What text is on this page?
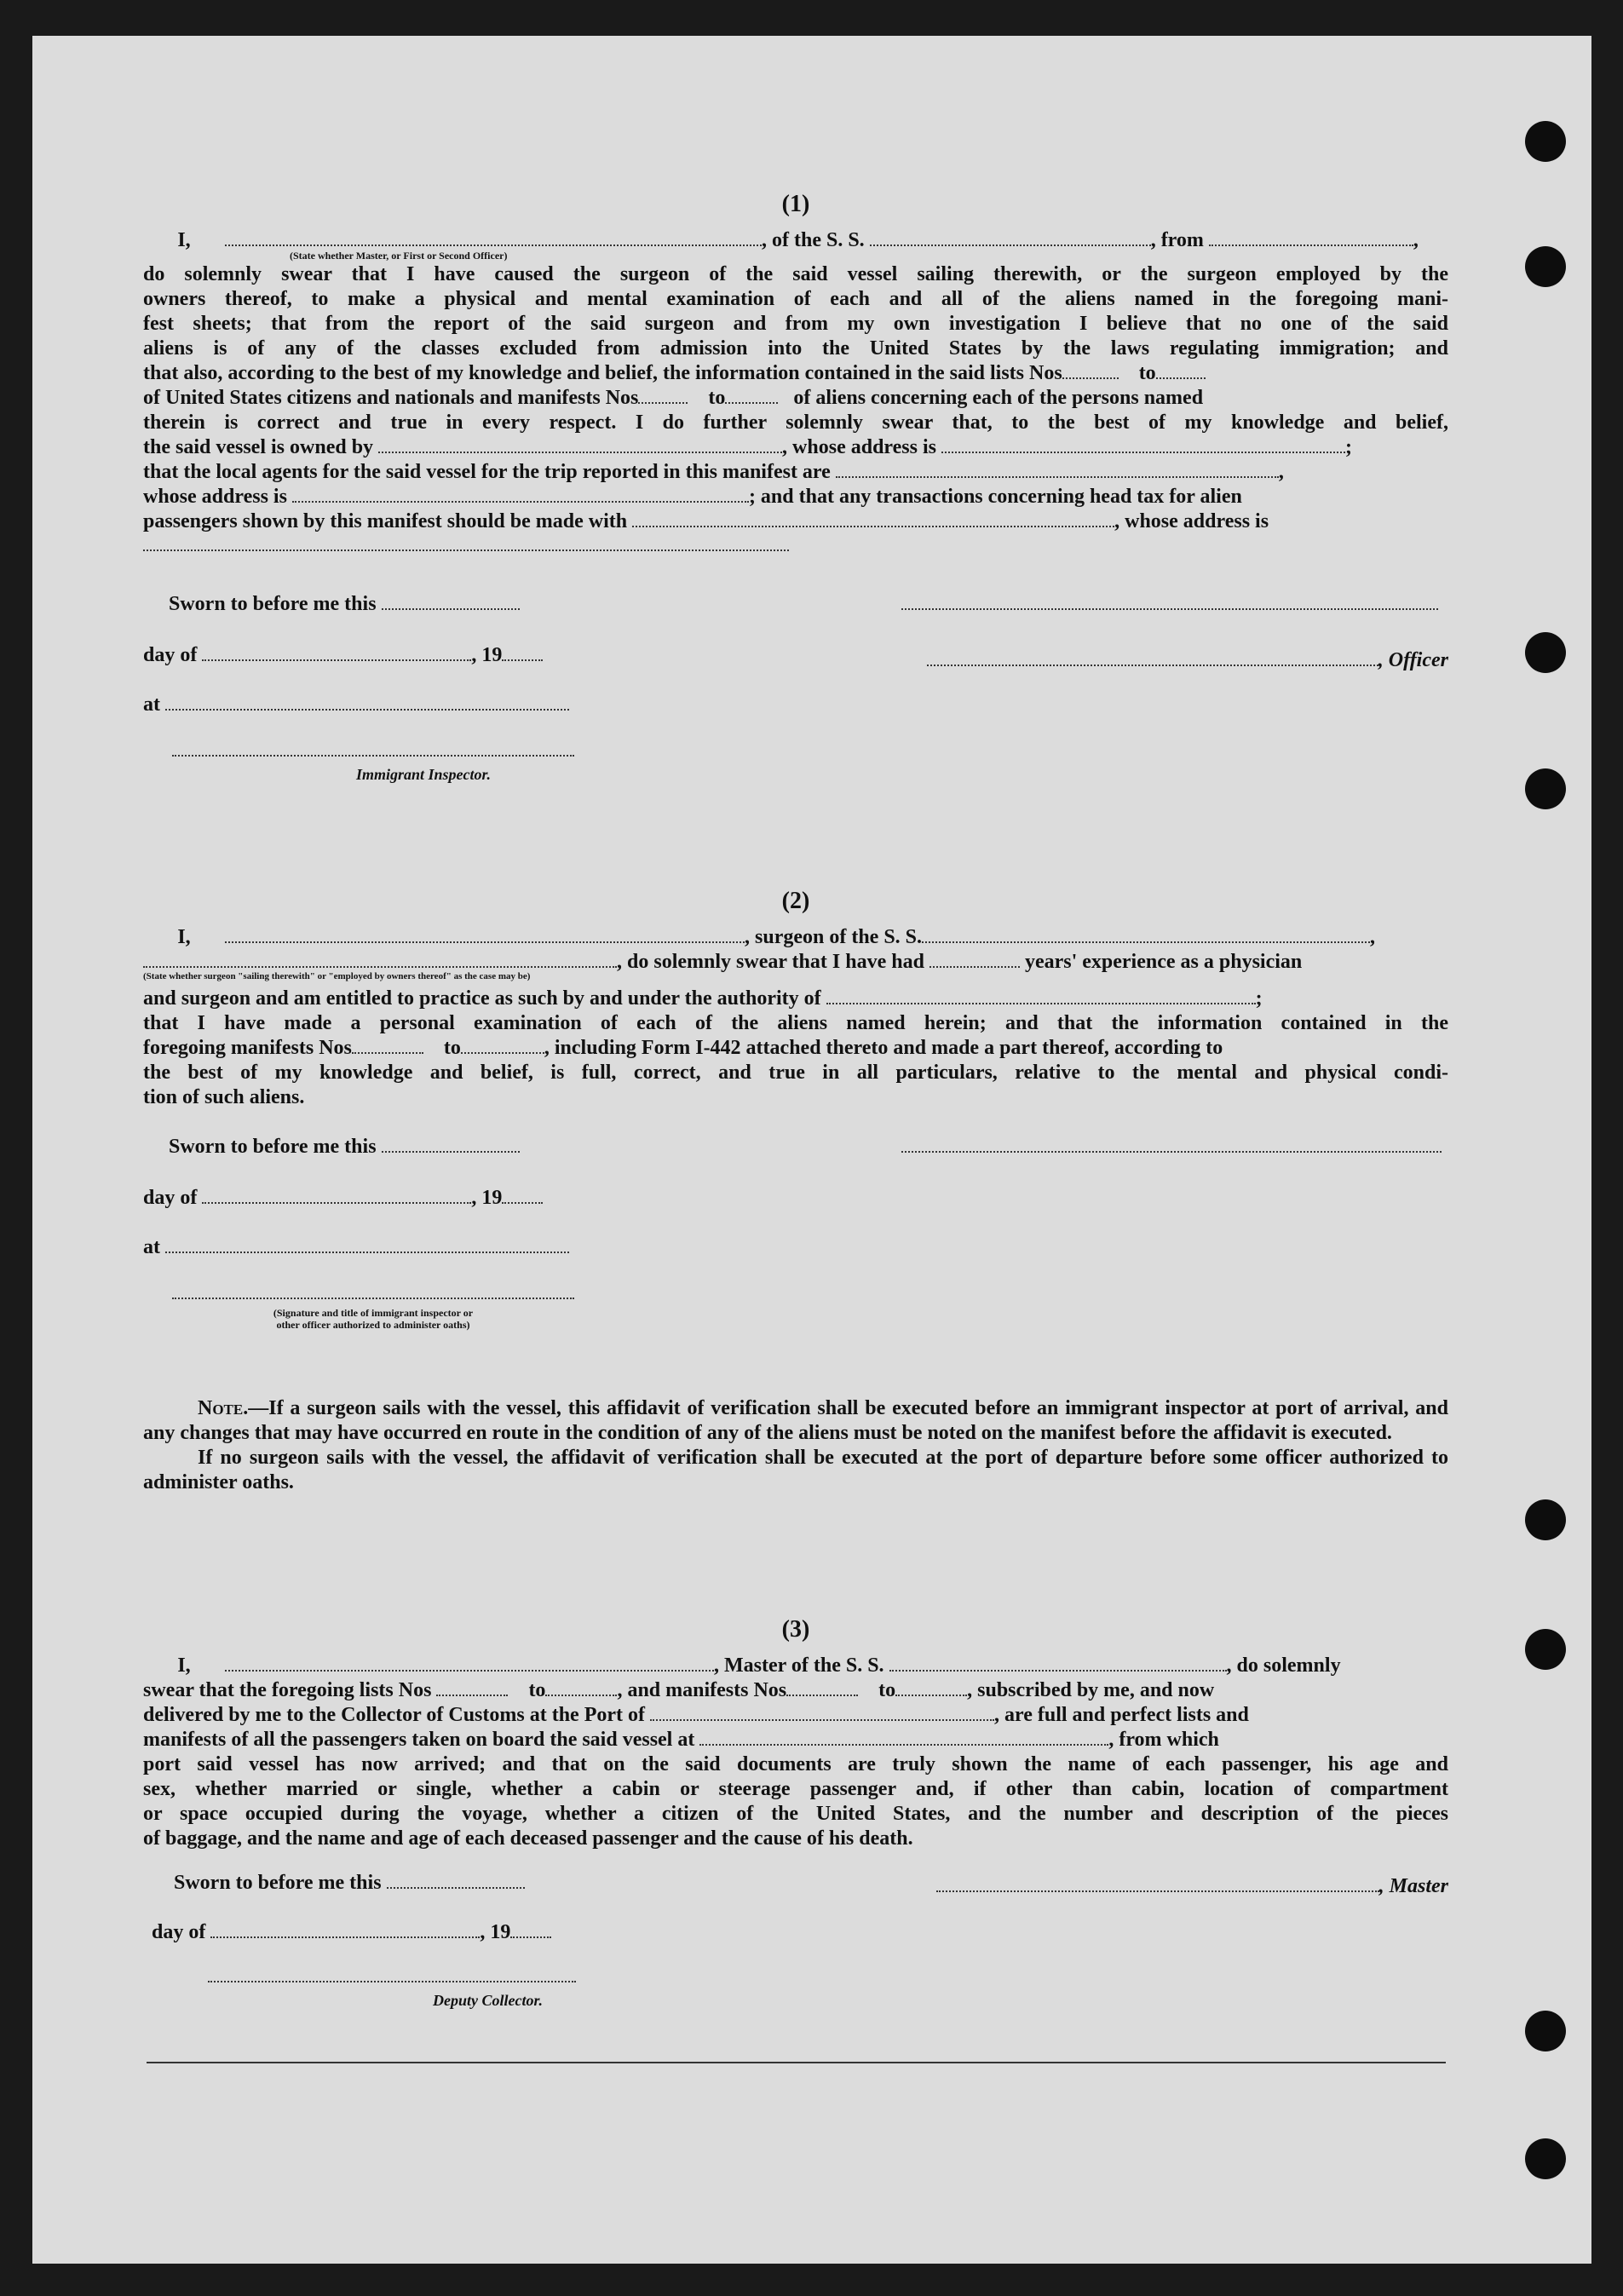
(1)
I,	, of the S. S.	, from	,
(State whether Master, or First or Second Officer)
do solemnly swear that I have caused the surgeon of the said vessel sailing therewith, or the surgeon employed by the
owners thereof, to make a physical and mental examination of each and all of the aliens named in the foregoing mani-
fest sheets; that from the report of the said surgeon and from my own investigation I believe that no one of the said
aliens is of any of the classes excluded from admission into the United States by the laws regulating immigration; and
that also, according to the best of my knowledge and belief, the information contained in the said lists Nos	to
of United States citizens and nationals and manifests Nos	to	of aliens concerning each of the persons named
therein is correct and true in every respect. I do further solemnly swear that, to the best of my knowledge and belief,
the said vessel is owned by	, whose address is	;
that the local agents for the said vessel for the trip reported in this manifest are	,
whose address is	; and that any transactions concerning head tax for alien
passengers shown by this manifest should be made with	, whose address is
Sworn to before me this
day of	, 19	, Officer
at
Immigrant Inspector.
(2)
I,	, surgeon of the S. S.	,
, do solemnly swear that I have had	years' experience as a physician
(State whether surgeon "sailing therewith" or "employed by owners thereof" as the case may be)
and surgeon and am entitled to practice as such by and under the authority of	;
that I have made a personal examination of each of the aliens named herein; and that the information contained in the
foregoing manifests Nos	to	, including Form I-442 attached thereto and made a part thereof, according to
the best of my knowledge and belief, is full, correct, and true in all particulars, relative to the mental and physical condi-
tion of such aliens.
Sworn to before me this
day of	, 19
at
(Signature and title of immigrant inspector or
other officer authorized to administer oaths)
Note.—If a surgeon sails with the vessel, this affidavit of verification shall be executed before an immigrant inspector at port of arrival, and any changes that may have occurred en route in the condition of any of the aliens must be noted on the manifest before the affidavit is executed.
If no surgeon sails with the vessel, the affidavit of verification shall be executed at the port of departure before some officer authorized to administer oaths.
(3)
I,	, Master of the S. S.	, do solemnly
swear that the foregoing lists Nos	to	, and manifests Nos	to	, subscribed by me, and now
delivered by me to the Collector of Customs at the Port of	, are full and perfect lists and
manifests of all the passengers taken on board the said vessel at	, from which
port said vessel has now arrived; and that on the said documents are truly shown the name of each passenger, his age and
sex, whether married or single, whether a cabin or steerage passenger and, if other than cabin, location of compartment
or space occupied during the voyage, whether a citizen of the United States, and the number and description of the pieces
of baggage, and the name and age of each deceased passenger and the cause of his death.
Sworn to before me this	, Master
day of	, 19
Deputy Collector.
